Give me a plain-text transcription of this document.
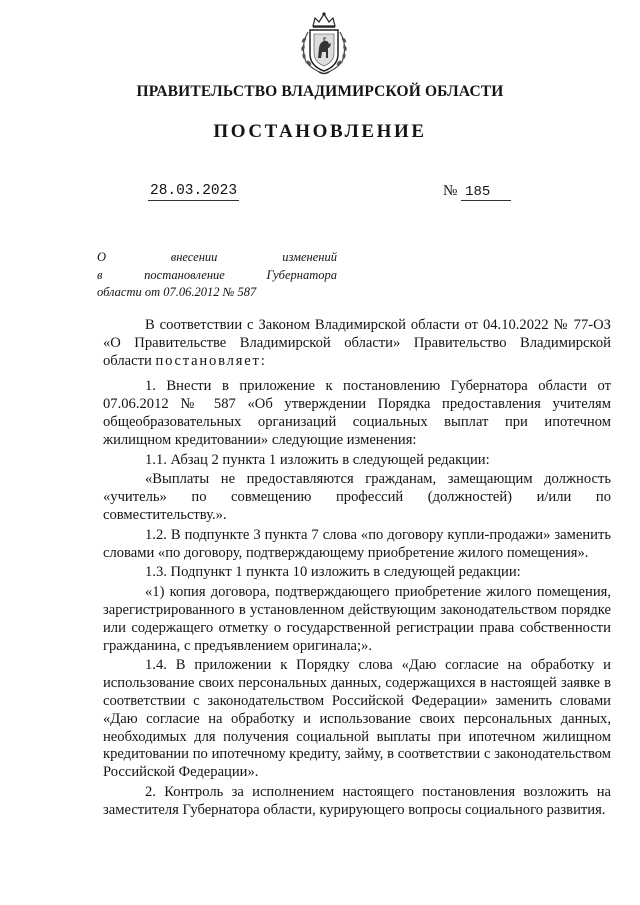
ПРАВИТЕЛЬСТВО ВЛАДИМИРСКОЙ ОБЛАСТИ
ПОСТАНОВЛЕНИЕ
28.03.2023	№ 185
О	внесении	изменений
в	постановление	Губернатора
области от 07.06.2012 № 587

В соответствии с Законом Владимирской области от 04.10.2022 № 77-ОЗ «О Правительстве Владимирской области» Правительство Владимирской области постановляет:

1. Внести в приложение к постановлению Губернатора области от 07.06.2012 № 587 «Об утверждении Порядка предоставления учителям общеобразовательных организаций социальных выплат при ипотечном жилищном кредитовании» следующие изменения:

1.1. Абзац 2 пункта 1 изложить в следующей редакции:

«Выплаты не предоставляются гражданам, замещающим должность «учитель» по совмещению профессий (должностей) и/или по совместительству.».

1.2. В подпункте 3 пункта 7 слова «по договору купли-продажи» заменить словами «по договору, подтверждающему приобретение жилого помещения».

1.3. Подпункт 1 пункта 10 изложить в следующей редакции:

«1) копия договора, подтверждающего приобретение жилого помещения, зарегистрированного в установленном действующим законодательством порядке или содержащего отметку о государственной регистрации права собственности гражданина, с предъявлением оригинала;».

1.4. В приложении к Порядку слова «Даю согласие на обработку и использование своих персональных данных, содержащихся в настоящей заявке в соответствии с законодательством Российской Федерации» заменить словами «Даю согласие на обработку и использование своих персональных данных, необходимых для получения социальной выплаты при ипотечном жилищном кредитовании по ипотечному кредиту, займу, в соответствии с законодательством Российской Федерации».

2. Контроль за исполнением настоящего постановления возложить на заместителя Губернатора области, курирующего вопросы социального развития.
